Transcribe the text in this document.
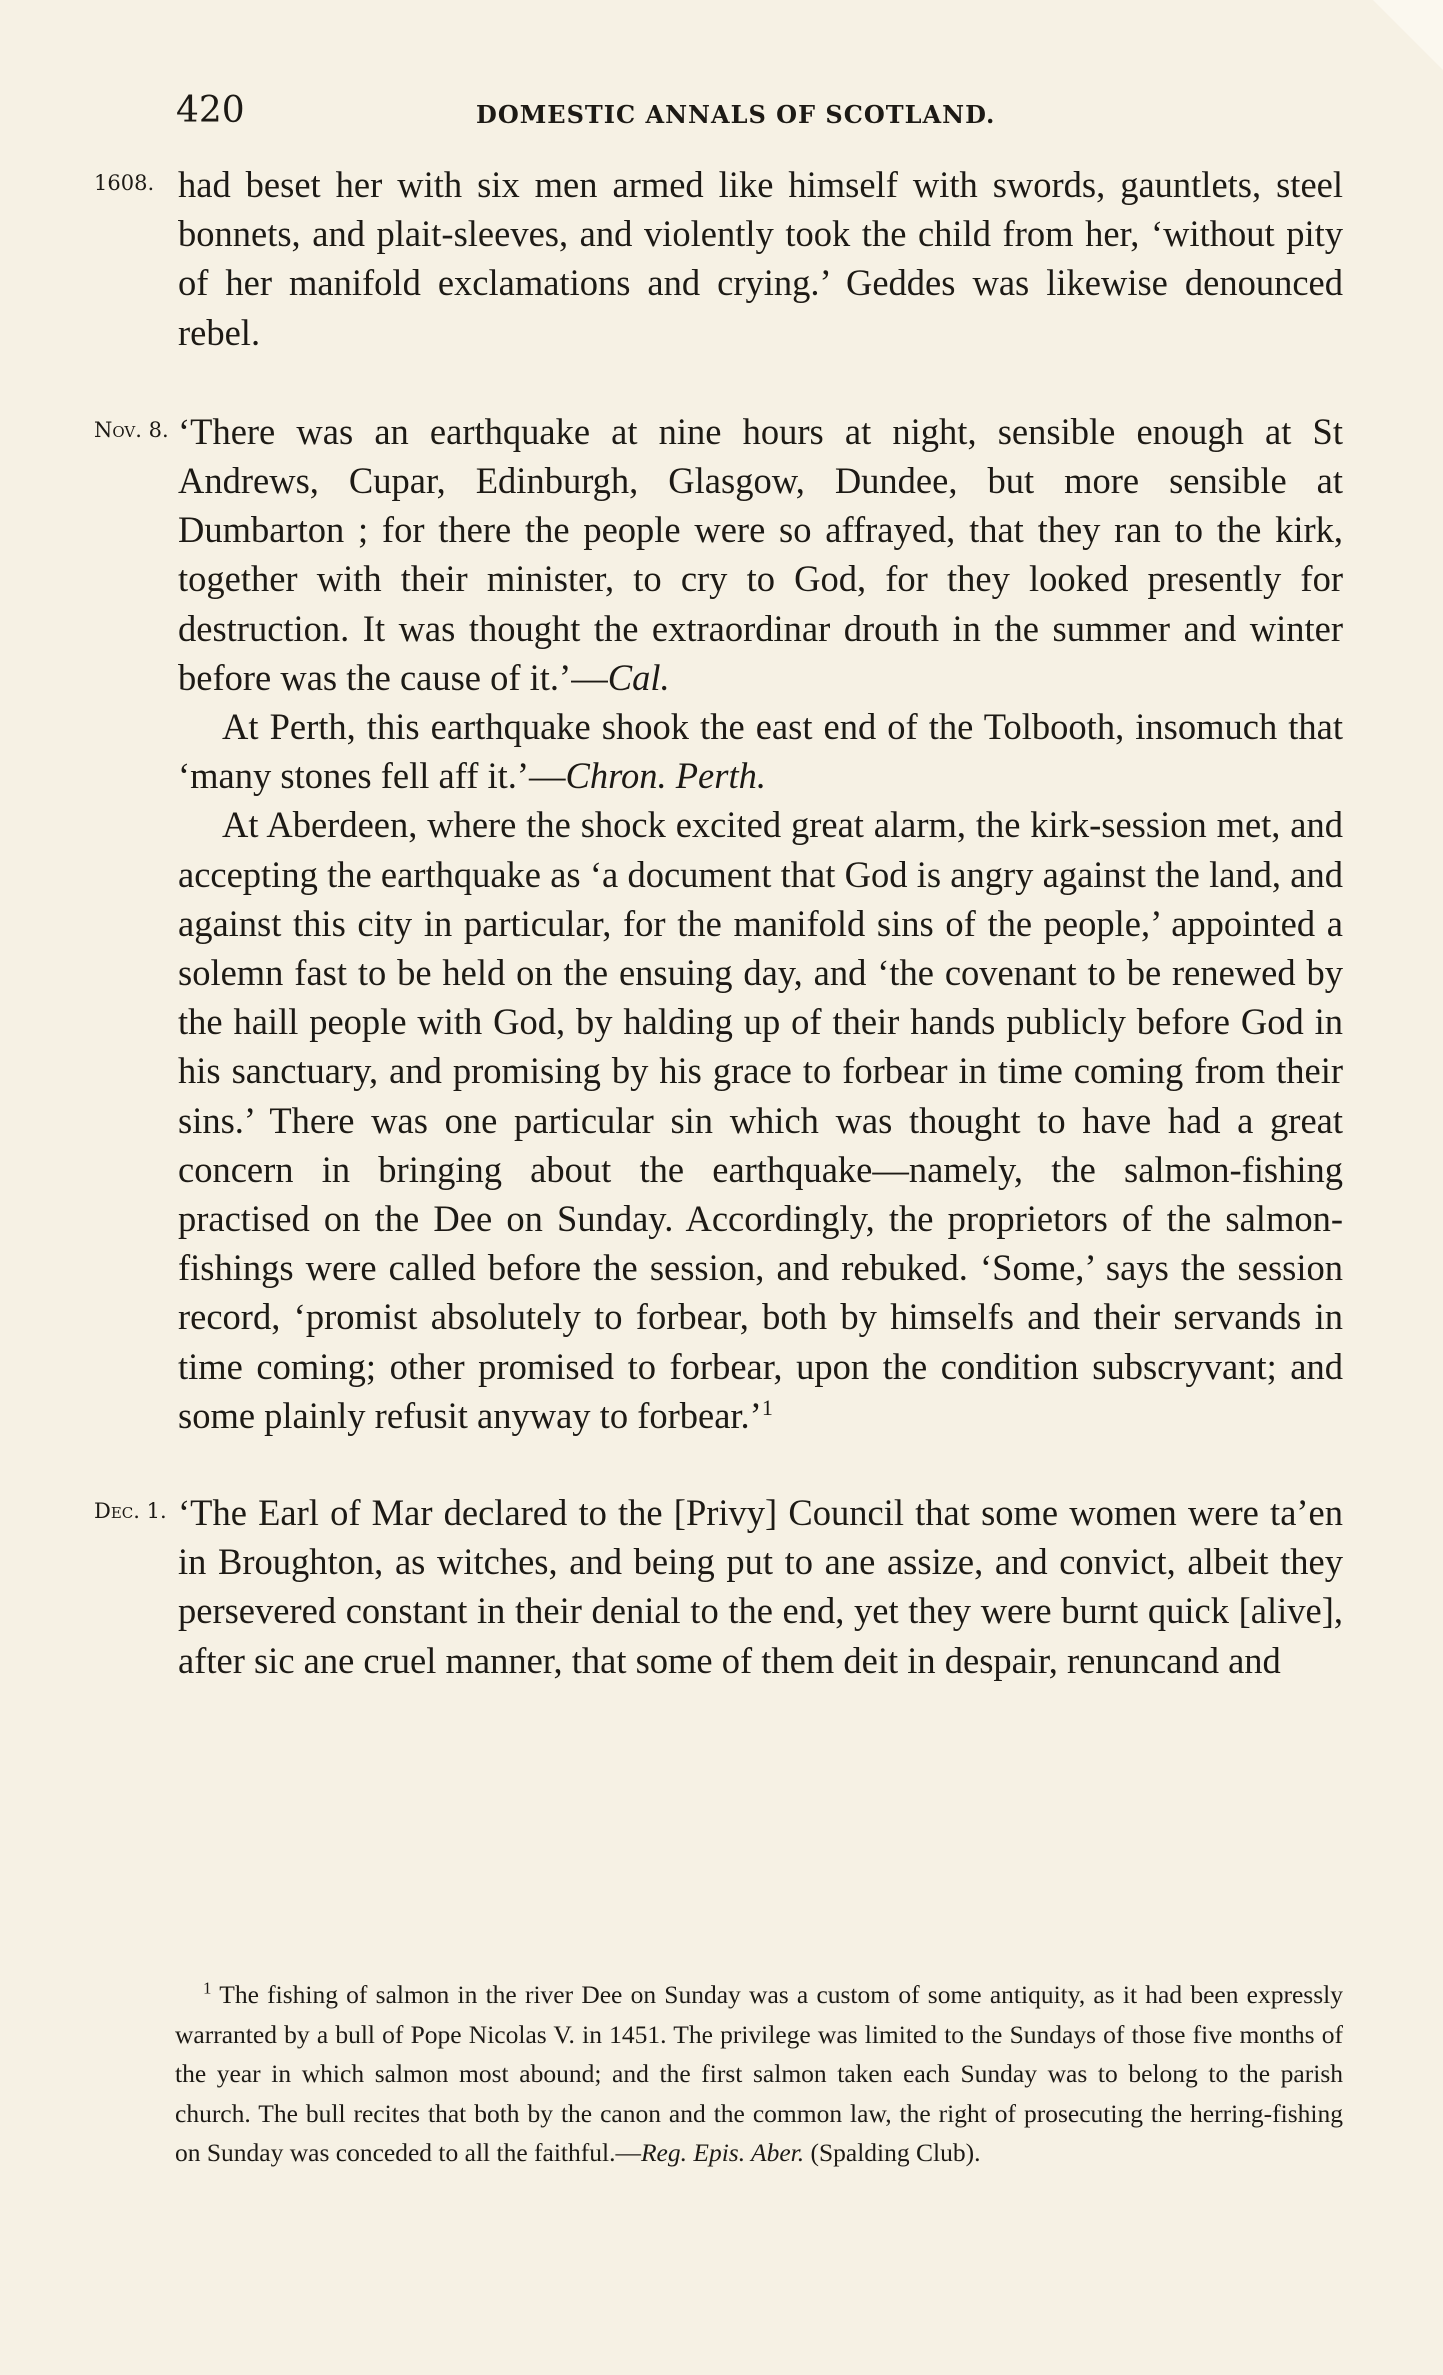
420	DOMESTIC ANNALS OF SCOTLAND.
1608. had beset her with six men armed like himself with swords, gauntlets, steel bonnets, and plait-sleeves, and violently took the child from her, ‘without pity of her manifold exclamations and crying.’ Geddes was likewise denounced rebel.

Nov. 8. ‘There was an earthquake at nine hours at night, sensible enough at St Andrews, Cupar, Edinburgh, Glasgow, Dundee, but more sensible at Dumbarton ; for there the people were so affrayed, that they ran to the kirk, together with their minister, to cry to God, for they looked presently for destruction. It was thought the extraordinar drouth in the summer and winter before was the cause of it.’—Cal.

At Perth, this earthquake shook the east end of the Tolbooth, insomuch that ‘many stones fell aff it.’—Chron. Perth.

At Aberdeen, where the shock excited great alarm, the kirk-session met, and accepting the earthquake as ‘a document that God is angry against the land, and against this city in particular, for the manifold sins of the people,’ appointed a solemn fast to be held on the ensuing day, and ‘the covenant to be renewed by the haill people with God, by halding up of their hands publicly before God in his sanctuary, and promising by his grace to forbear in time coming from their sins.’ There was one particular sin which was thought to have had a great concern in bringing about the earthquake—namely, the salmon-fishing practised on the Dee on Sunday. Accordingly, the proprietors of the salmon-fishings were called before the session, and rebuked. ‘Some,’ says the session record, ‘promist absolutely to forbear, both by himselfs and their servands in time coming; other promised to forbear, upon the condition subscryvant; and some plainly refusit anyway to forbear.’$^1$

Dec. 1. ‘The Earl of Mar declared to the [Privy] Council that some women were ta’en in Broughton, as witches, and being put to ane assize, and convict, albeit they persevered constant in their denial to the end, yet they were burnt quick [alive], after sic ane cruel manner, that some of them deit in despair, renuncand and

$^1$ The fishing of salmon in the river Dee on Sunday was a custom of some antiquity, as it had been expressly warranted by a bull of Pope Nicolas V. in 1451. The privilege was limited to the Sundays of those five months of the year in which salmon most abound; and the first salmon taken each Sunday was to belong to the parish church. The bull recites that both by the canon and the common law, the right of prosecuting the herring-fishing on Sunday was conceded to all the faithful.—Reg. Epis. Aber. (Spalding Club).
